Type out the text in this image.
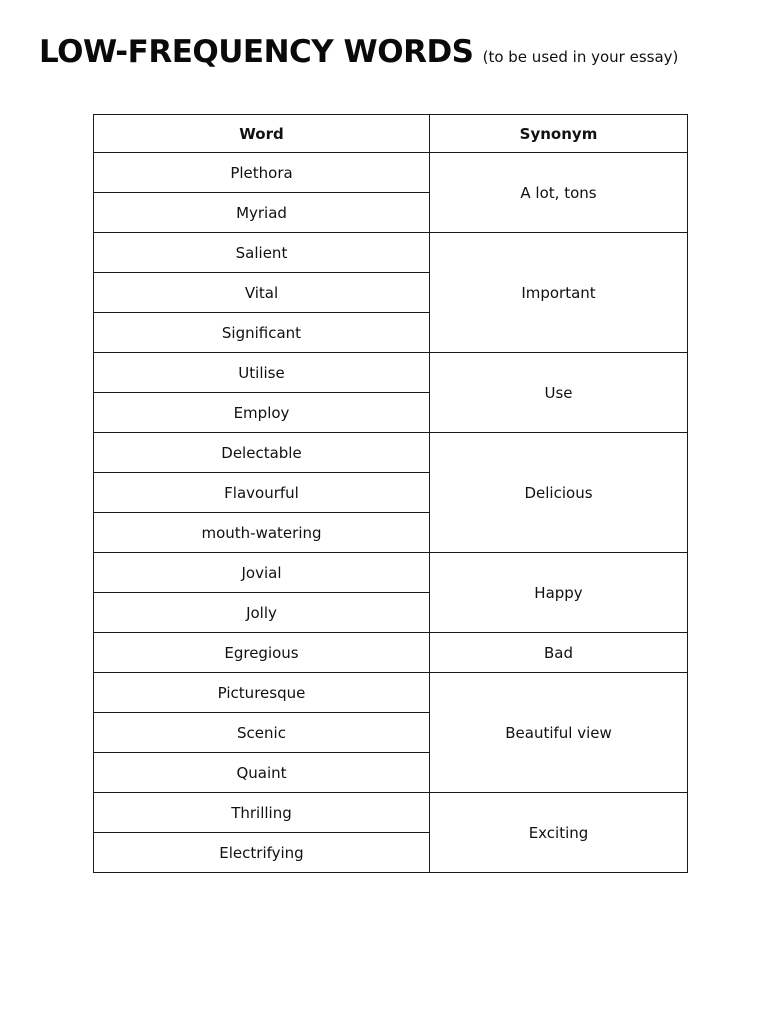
LOW-FREQUENCY WORDS (to be used in your essay)
Word	Synonym
Plethora	A lot, tons
Myriad	
Salient	Important
Vital	
Significant	
Utilise	Use
Employ	
Delectable	Delicious
Flavourful	
mouth-watering	
Jovial	Happy
Jolly	
Egregious	Bad
Picturesque	Beautiful view
Scenic	
Quaint	
Thrilling	Exciting
Electrifying	
